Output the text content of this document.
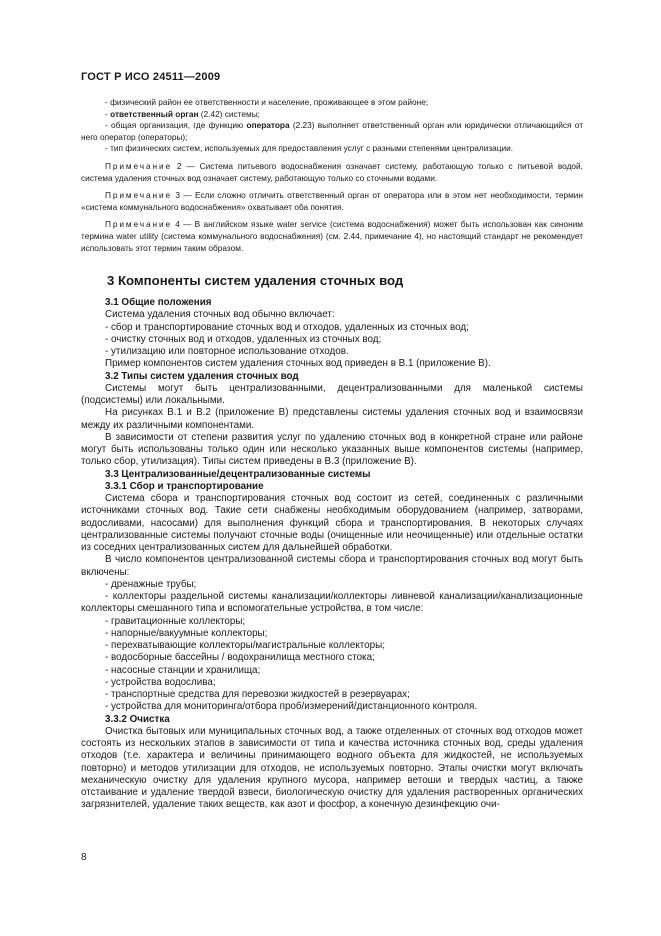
ГОСТ Р ИСО 24511—2009

- физический район ее ответственности и население, проживающее в этом районе;

- ответственный орган (2.42) системы;

- общая организация, где функцию оператора (2.23) выполняет ответственный орган или юридически отличающийся от него оператор (операторы);

- тип физических систем, используемых для предоставления услуг с разными степенями централизации.

Примечание 2 — Система питьевого водоснабжения означает систему, работающую только с питьевой водой, система удаления сточных вод означает систему, работающую только со сточными водами.

Примечание 3 — Если сложно отличить ответственный орган от оператора или в этом нет необходимости, термин «система коммунального водоснабжения» охватывает оба понятия.

Примечание 4 — В английском языке water service (система водоснабжения) может быть использован как синоним термина water utility (система коммунального водоснабжения) (см. 2.44, примечание 4), но настоящий стандарт не рекомендует использовать этот термин таким образом.

3 Компоненты систем удаления сточных вод

3.1 Общие положения

Система удаления сточных вод обычно включает:

- сбор и транспортирование сточных вод и отходов, удаленных из сточных вод;

- очистку сточных вод и отходов, удаленных из сточных вод;

- утилизацию или повторное использование отходов.

Пример компонентов систем удаления сточных вод приведен в В.1 (приложение В).

3.2 Типы систем удаления сточных вод

Системы могут быть централизованными, децентрализованными для маленькой системы (подсистемы) или локальными.

На рисунках В.1 и В.2 (приложение В) представлены системы удаления сточных вод и взаимосвязи между их различными компонентами.

В зависимости от степени развития услуг по удалению сточных вод в конкретной стране или районе могут быть использованы только один или несколько указанных выше компонентов системы (например, только сбор, утилизация). Типы систем приведены в В.3 (приложение В).

3.3 Централизованные/децентрализованные системы

3.3.1 Сбор и транспортирование

Система сбора и транспортирования сточных вод состоит из сетей, соединенных с различными источниками сточных вод. Такие сети снабжены необходимым оборудованием (например, затворами, водосливами, насосами) для выполнения функций сбора и транспортирования. В некоторых случаях централизованные системы получают сточные воды (очищенные или неочищенные) или отдельные остатки из соседних централизованных систем для дальнейшей обработки.

В число компонентов централизованной системы сбора и транспортирования сточных вод могут быть включены:

- дренажные трубы;

- коллекторы раздельной системы канализации/коллекторы ливневой канализации/канализационные коллекторы смешанного типа и вспомогательные устройства, в том числе:

- гравитационные коллекторы;

- напорные/вакуумные коллекторы;

- перехватывающие коллекторы/магистральные коллекторы;

- водосборные бассейны / водохранилища местного стока;

- насосные станции и хранилища;

- устройства водослива;

- транспортные средства для перевозки жидкостей в резервуарах;

- устройства для мониторинга/отбора проб/измерений/дистанционного контроля.

3.3.2 Очистка

Очистка бытовых или муниципальных сточных вод, а также отделенных от сточных вод отходов может состоять из нескольких этапов в зависимости от типа и качества источника сточных вод, среды удаления отходов (т.е. характера и величины принимающего водного объекта для жидкостей, не используемых повторно) и методов утилизации для отходов, не используемых повторно. Этапы очистки могут включать механическую очистку для удаления крупного мусора, например ветоши и твердых частиц, а также отстаивание и удаление твердой взвеси, биологическую очистку для удаления растворенных органических загрязнителей, удаление таких веществ, как азот и фосфор, а конечную дезинфекцию очи-

8
